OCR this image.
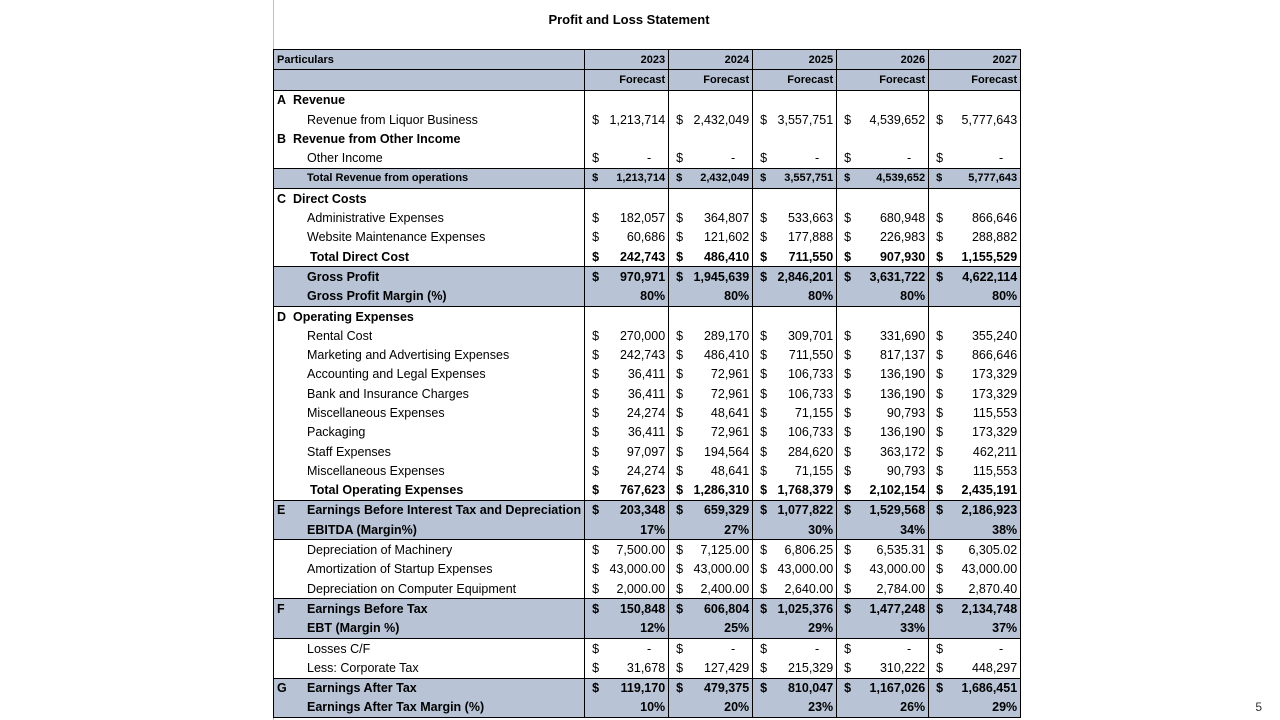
Profit and Loss Statement
Particulars	2023	2024	2025	2026	2027
	Forecast	Forecast	Forecast	Forecast	Forecast

A Revenue					

Revenue from Liquor Business	$ 1,213,714	$ 2,432,049	$ 3,557,751	$ 4,539,652	$ 5,777,643

B Revenue from Other Income					

Other Income	$ -	$ -	$ -	$ -	$ -

Total Revenue from operations	$ 1,213,714	$ 2,432,049	$ 3,557,751	$ 4,539,652	$ 5,777,643

C Direct Costs					

Administrative Expenses	$ 182,057	$ 364,807	$ 533,663	$ 680,948	$ 866,646

Website Maintenance Expenses	$ 60,686	$ 121,602	$ 177,888	$ 226,983	$ 288,882

Total Direct Cost	$ 242,743	$ 486,410	$ 711,550	$ 907,930	$ 1,155,529

Gross Profit	$ 970,971	$ 1,945,639	$ 2,846,201	$ 3,631,722	$ 4,622,114

Gross Profit Margin (%)	80%	80%	80%	80%	80%

D Operating Expenses					

Rental Cost	$ 270,000	$ 289,170	$ 309,701	$ 331,690	$ 355,240

Marketing and Advertising Expenses	$ 242,743	$ 486,410	$ 711,550	$ 817,137	$ 866,646

Accounting and Legal Expenses	$ 36,411	$ 72,961	$ 106,733	$ 136,190	$ 173,329

Bank and Insurance Charges	$ 36,411	$ 72,961	$ 106,733	$ 136,190	$ 173,329

Miscellaneous Expenses	$ 24,274	$ 48,641	$ 71,155	$ 90,793	$ 115,553

Packaging	$ 36,411	$ 72,961	$ 106,733	$ 136,190	$ 173,329

Staff Expenses	$ 97,097	$ 194,564	$ 284,620	$ 363,172	$ 462,211

Miscellaneous Expenses	$ 24,274	$ 48,641	$ 71,155	$ 90,793	$ 115,553

Total Operating Expenses	$ 767,623	$ 1,286,310	$ 1,768,379	$ 2,102,154	$ 2,435,191

E Earnings Before Interest Tax and Depreciation	$ 203,348	$ 659,329	$ 1,077,822	$ 1,529,568	$ 2,186,923

EBITDA (Margin%)	17%	27%	30%	34%	38%

Depreciation of Machinery	$ 7,500.00	$ 7,125.00	$ 6,806.25	$ 6,535.31	$ 6,305.02

Amortization of Startup Expenses	$ 43,000.00	$ 43,000.00	$ 43,000.00	$ 43,000.00	$ 43,000.00

Depreciation on Computer Equipment	$ 2,000.00	$ 2,400.00	$ 2,640.00	$ 2,784.00	$ 2,870.40

F Earnings Before Tax	$ 150,848	$ 606,804	$ 1,025,376	$ 1,477,248	$ 2,134,748

EBT (Margin %)	12%	25%	29%	33%	37%

Losses C/F	$ -	$ -	$ -	$ -	$ -

Less: Corporate Tax	$ 31,678	$ 127,429	$ 215,329	$ 310,222	$ 448,297

G Earnings After Tax	$ 119,170	$ 479,375	$ 810,047	$ 1,167,026	$ 1,686,451

Earnings After Tax Margin (%)	10%	20%	23%	26%	29%	5
